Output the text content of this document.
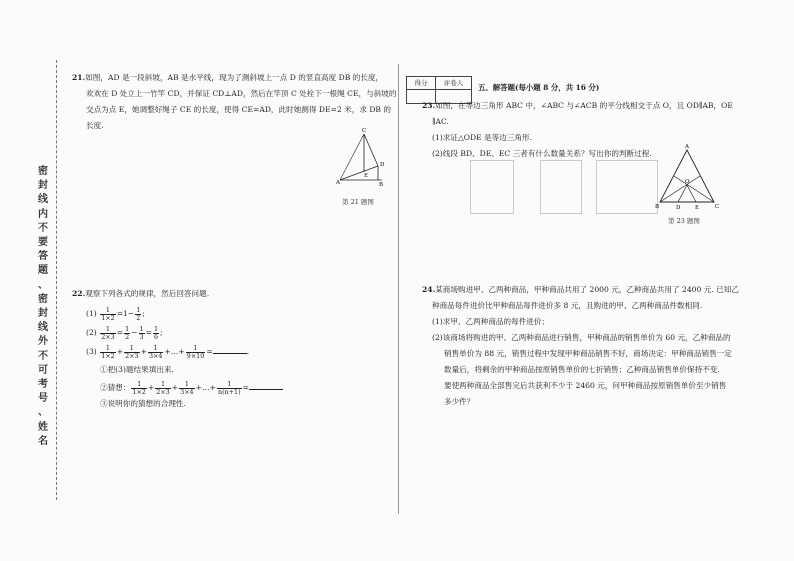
密
封
线
内
不
要
答
题
、
密
封
线
外
不
可
考
号
、
姓
名
21.如图，AD 是一段斜坡，AB 是水平线，现为了测斜坡上一点 D 的竖直高度 DB 的长度，
欢欢在 D 处立上一竹竿 CD，并保证 CD⊥AD，然后在竿顶 C 处栓下一根绳 CE，与斜坡的
交点为点 E，她调整好绳子 CE 的长度，使得 CE=AD，此时她测得 DE=2 米，求 DB 的
长度.
C
A	B
D
E
第 21 题图
22.观察下列各式的规律，然后回答问题.
$(1) \frac{1}{1\times 2} =1- \frac{1}{2}$ ;
$(2) \frac{1}{2\times 3} = \frac{1}{2} - \frac{1}{3} = \frac{1}{6}$ ;
$(3) \frac{1}{1\times 2} + \frac{1}{2\times 3} + \frac{1}{3\times 4}$ +…+ $\frac{1}{9\times 10}$ =	.
①把(3)题结果填出来.
②猜想： $\frac{1}{1\times 2} + \frac{1}{2\times 3} + \frac{1}{3\times 4}$ +…+ $\frac{1}{n(n+1)}$ =
③说明你的猜想的合理性.
得分	评卷人	五、解答题(每小题 8 分，共 16 分)
23.如图，在等边三角形 ABC 中，∠ABC 与∠ACB 的平分线相交于点 O，且 OD∥AB，OE
∥AC.
(1)求证△ODE 是等边三角形.
(2)线段 BD、DE、EC 三者有什么数量关系？写出你的判断过程.
A
B	C
D	E
O
第 23 题图
24.某商场购进甲、乙两种商品，甲种商品共用了 2000 元，乙种商品共用了 2400 元. 已知乙
种商品每件进价比甲种商品每件进价多 8 元，且购进的甲、乙两种商品件数相同.
(1)求甲、乙两种商品的每件进价；
(2)该商场将购进的甲、乙两种商品进行销售，甲种商品的销售单价为 60 元，乙种商品的
销售单价为 88 元，销售过程中发现甲种商品销售不好，商场决定：甲种商品销售一定
数量后，将剩余的甲种商品按原销售单价的七折销售；乙种商品销售单价保持不变.
要使两种商品全部售完后共获利不少于 2460 元，问甲种商品按原销售单价至少销售
多少件？
